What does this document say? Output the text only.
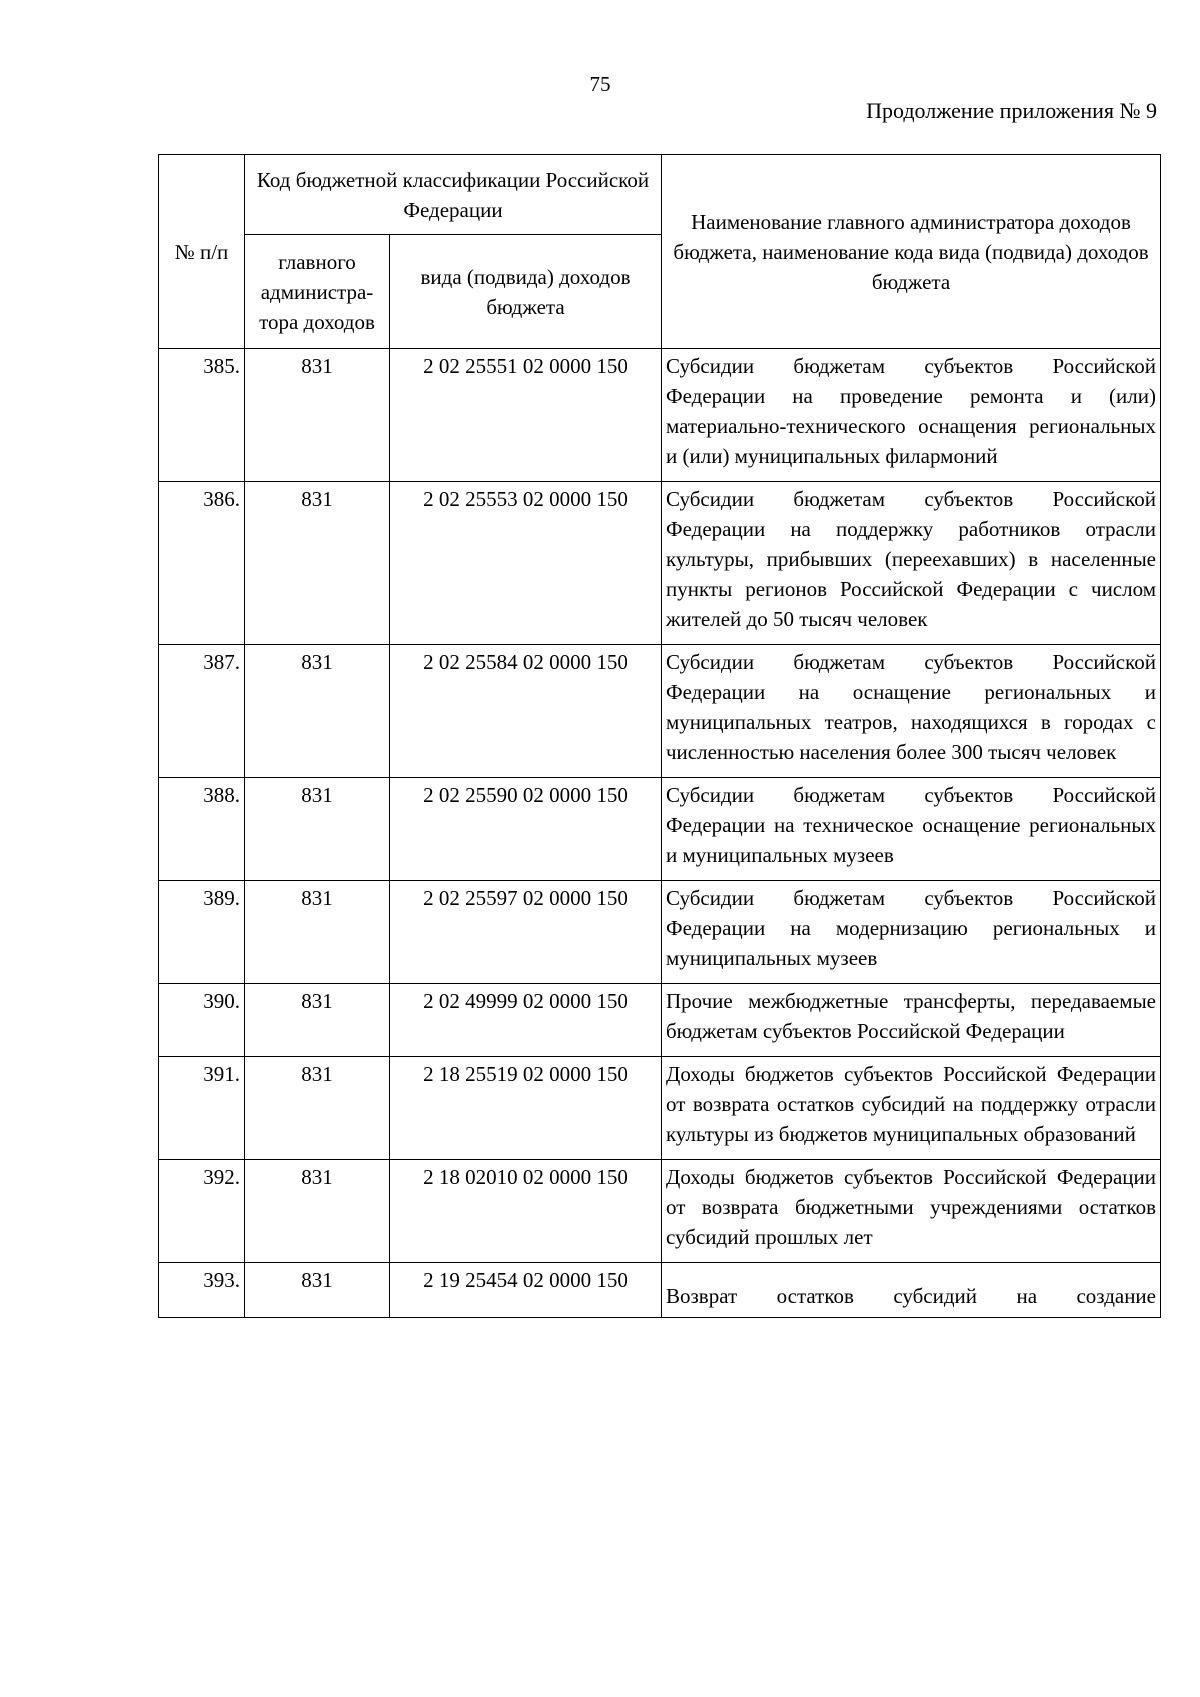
75
Продолжение приложения № 9
№ п/п	Код бюджетной классификации Российской Федерации		Наименование главного администратора доходов бюджета, наименование кода вида (подвида) доходов бюджета
	главного администра-тора доходов	вида (подвида) доходов бюджета	
385.	831	2 02 25551 02 0000 150	Субсидии бюджетам субъектов Российской Федерации на проведение ремонта и (или) материально-технического оснащения региональных и (или) муниципальных филармоний
386.	831	2 02 25553 02 0000 150	Субсидии бюджетам субъектов Российской Федерации на поддержку работников отрасли культуры, прибывших (переехавших) в населенные пункты регионов Российской Федерации с числом жителей до 50 тысяч человек
387.	831	2 02 25584 02 0000 150	Субсидии бюджетам субъектов Российской Федерации на оснащение региональных и муниципальных театров, находящихся в городах с численностью населения более 300 тысяч человек
388.	831	2 02 25590 02 0000 150	Субсидии бюджетам субъектов Российской Федерации на техническое оснащение региональных и муниципальных музеев
389.	831	2 02 25597 02 0000 150	Субсидии бюджетам субъектов Российской Федерации на модернизацию региональных и муниципальных музеев
390.	831	2 02 49999 02 0000 150	Прочие межбюджетные трансферты, передаваемые бюджетам субъектов Российской Федерации
391.	831	2 18 25519 02 0000 150	Доходы бюджетов субъектов Российской Федерации от возврата остатков субсидий на поддержку отрасли культуры из бюджетов муниципальных образований
392.	831	2 18 02010 02 0000 150	Доходы бюджетов субъектов Российской Федерации от возврата бюджетными учреждениями остатков субсидий прошлых лет
393.	831	2 19 25454 02 0000 150	Возврат остатков субсидий на создание
